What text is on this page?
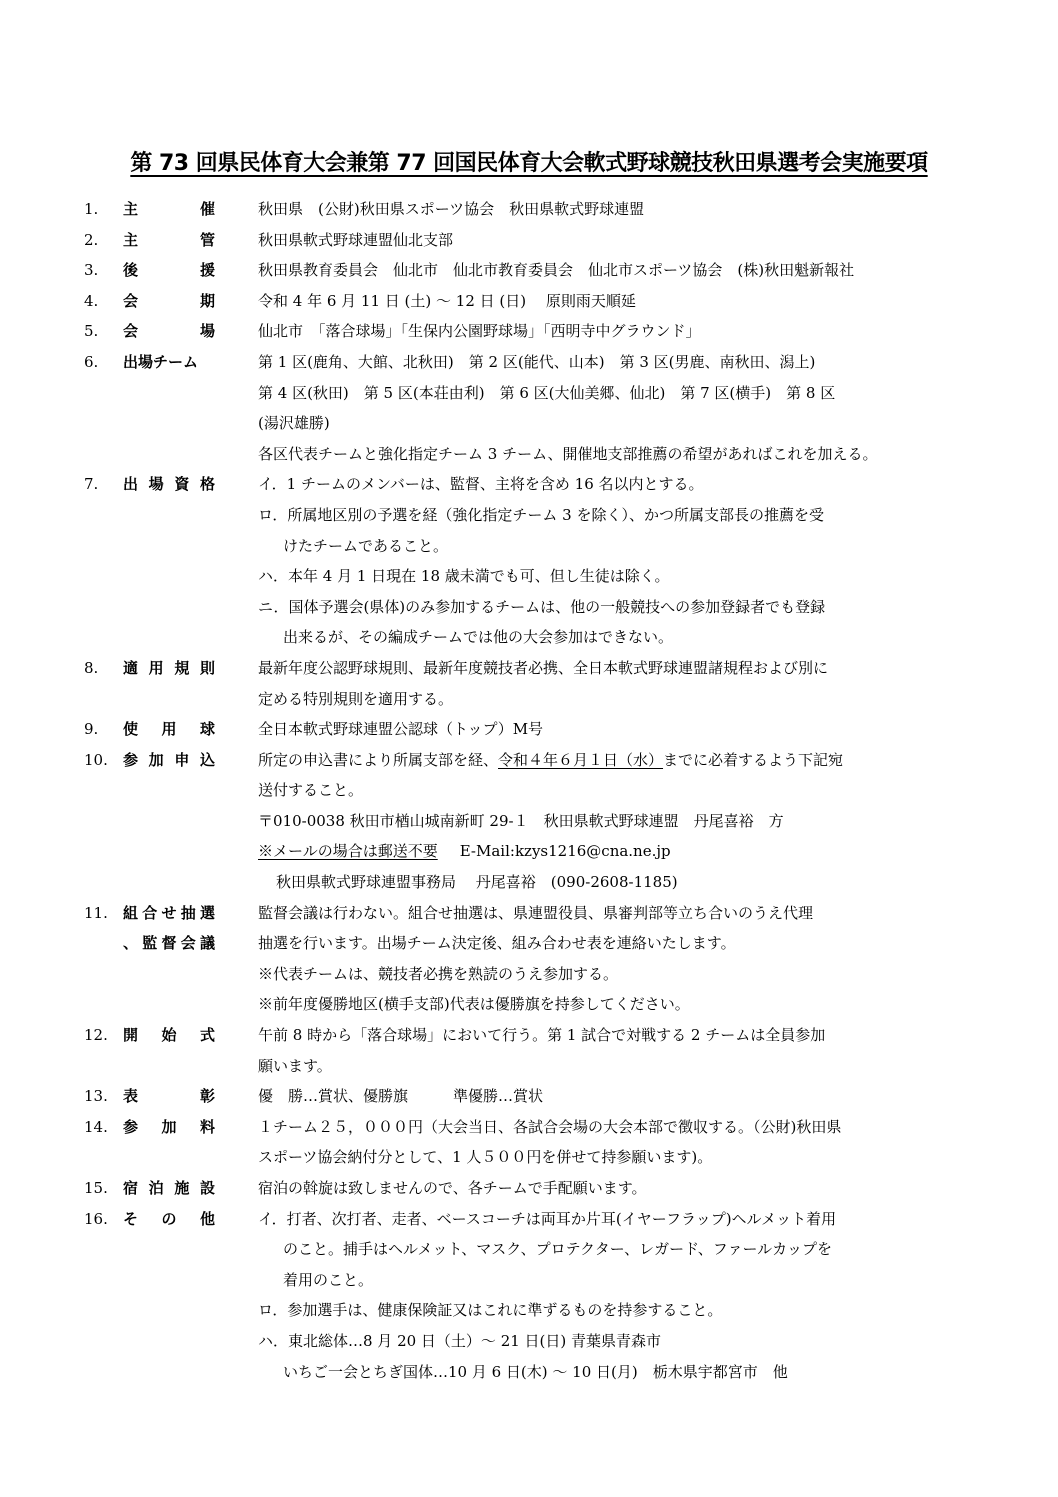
第 73 回県民体育大会兼第 77 回国民体育大会軟式野球競技秋田県選考会実施要項
1.	主	催	秋田県　(公財)秋田県スポーツ協会　秋田県軟式野球連盟
2.	主	管	秋田県軟式野球連盟仙北支部
3.	後	援	秋田県教育委員会　仙北市　仙北市教育委員会　仙北市スポーツ協会　(株)秋田魁新報社
4.	会	期	令和 4 年 6 月 11 日 (土) ～ 12 日 (日)　 原則雨天順延
5.	会	場	仙北市　「落合球場」「生保内公園野球場」「西明寺中グラウンド」
6.	出場チーム	第 1 区(鹿角、大館、北秋田)　第 2 区(能代、山本)　第 3 区(男鹿、南秋田、潟上)
第 4 区(秋田)　第 5 区(本荘由利)　第 6 区(大仙美郷、仙北)　第 7 区(横手)　第 8 区
(湯沢雄勝)
各区代表チームと強化指定チーム 3 チーム、開催地支部推薦の希望があればこれを加える。
7.	出 場 資 格	イ．1 チームのメンバーは、監督、主将を含め 16 名以内とする。
ロ．所属地区別の予選を経（強化指定チーム 3 を除く）、かつ所属支部長の推薦を受
けたチームであること。
ハ．本年 4 月 1 日現在 18 歳未満でも可、但し生徒は除く。
ニ．国体予選会(県体)のみ参加するチームは、他の一般競技への参加登録者でも登録
出来るが、その編成チームでは他の大会参加はできない。
8.	適 用 規 則	最新年度公認野球規則、最新年度競技者必携、全日本軟式野球連盟諸規程および別に
定める特別規則を適用する。
9.	使 用 球	全日本軟式野球連盟公認球（トップ）M号
10.	参 加 申 込	所定の申込書により所属支部を経、令和４年６月１日（水）までに必着するよう下記宛
送付すること。
〒010-0038 秋田市楢山城南新町 29-１　秋田県軟式野球連盟　丹尾喜裕　方
※メールの場合は郵送不要 E-Mail:kzys1216@cna.ne.jp
秋田県軟式野球連盟事務局　 丹尾喜裕　(090-2608-1185)
11.	組 合 せ 抽 選
、 監 督 会 議
監督会議は行わない。組合せ抽選は、県連盟役員、県審判部等立ち合いのうえ代理
抽選を行います。出場チーム決定後、組み合わせ表を連絡いたします。
※代表チームは、競技者必携を熟読のうえ参加する。
※前年度優勝地区(横手支部)代表は優勝旗を持参してください。
12.	開 始 式	午前 8 時から「落合球場」において行う。第 1 試合で対戦する 2 チームは全員参加
願います。
13.	表	彰	優　勝…賞状、優勝旗　　　準優勝…賞状
14.	参 加 料	１チーム２５，０００円（大会当日、各試合会場の大会本部で徴収する。（公財)秋田県
スポーツ協会納付分として、1 人５００円を併せて持参願います)。
15.	宿 泊 施 設	宿泊の斡旋は致しませんので、各チームで手配願います。
16.	そ の 他	イ．打者、次打者、走者、ベースコーチは両耳か片耳(イヤーフラップ)ヘルメット着用
のこと。捕手はヘルメット、マスク、プロテクター、レガード、ファールカップを
着用のこと。
ロ．参加選手は、健康保険証又はこれに準ずるものを持参すること。
ハ．東北総体…8 月 20 日（土）～ 21 日(日) 青葉県青森市
いちご一会とちぎ国体…10 月 6 日(木) ～ 10 日(月)　栃木県宇都宮市　他
